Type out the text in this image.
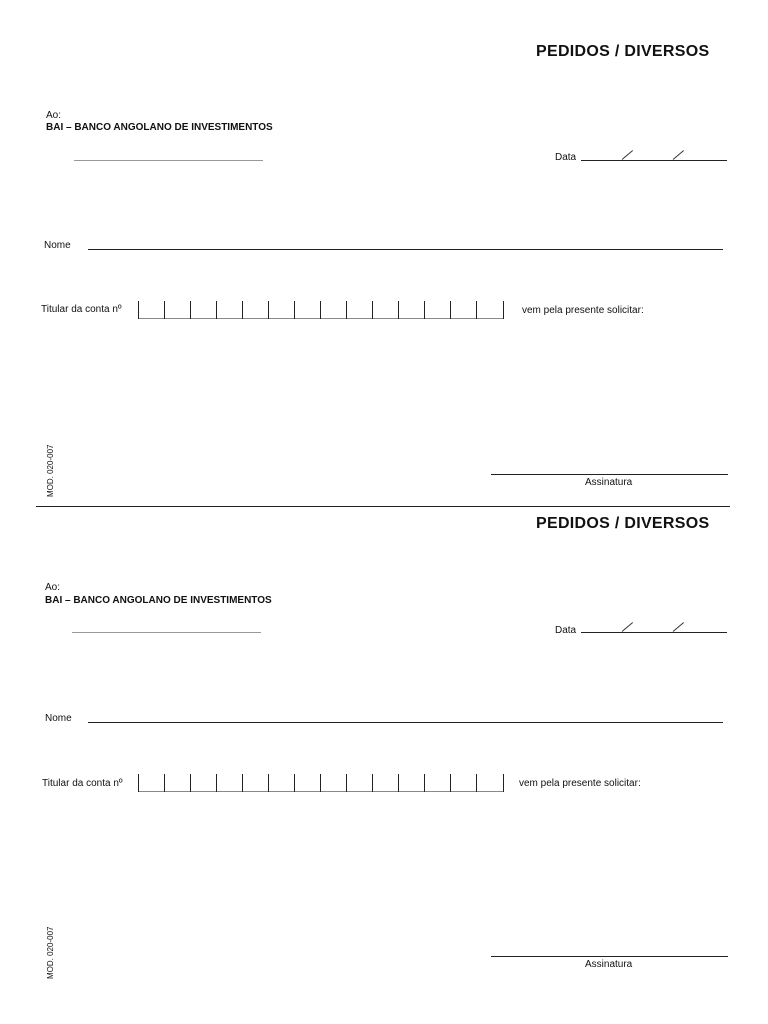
PEDIDOS / DIVERSOS
Ao:
BAI – BANCO ANGOLANO DE INVESTIMENTOS
Data
Nome
Titular da conta nº	vem pela presente solicitar:
MOD. 020-007	Assinatura
PEDIDOS / DIVERSOS
Ao:
BAI – BANCO ANGOLANO DE INVESTIMENTOS
Data
Nome
Titular da conta nº	vem pela presente solicitar:
MOD. 020-007	Assinatura
